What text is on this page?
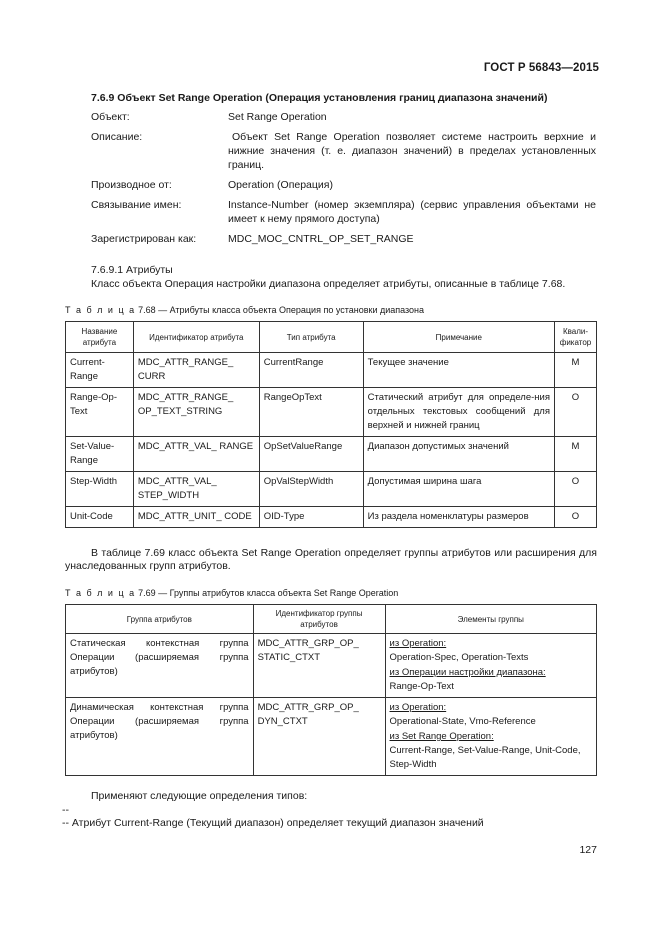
ГОСТ Р 56843—2015
7.6.9 Объект Set Range Operation (Операция установления границ диапазона значений)
Объект:	Set Range Operation
Описание:	Объект Set Range Operation позволяет системе настроить верхние и нижние значения (т. е. диапазон значений) в пределах установленных границ.
Производное от:	Operation (Операция)
Связывание имен:	Instance-Number (номер экземпляра) (сервис управления объектами не имеет к нему прямого доступа)
Зарегистрирован как:	MDC_MOC_CNTRL_OP_SET_RANGE
7.6.9.1 Атрибуты
Класс объекта Операция настройки диапазона определяет атрибуты, описанные в таблице 7.68.
Т а б л и ц а 7.68 — Атрибуты класса объекта Операция по установки диапазона
Название атрибута	Идентификатор атрибута	Тип атрибута	Примечание	Квали-фикатор
Current-Range	MDC_ATTR_RANGE_ CURR	CurrentRange	Текущее значение	M
Range-Op-Text	MDC_ATTR_RANGE_ OP_TEXT_STRING	RangeOpText	Статический атрибут для определе-ния отдельных текстовых сообщений для верхней и нижней границ	O
Set-Value-Range	MDC_ATTR_VAL_ RANGE	OpSetValueRange	Диапазон допустимых значений	M
Step-Width	MDC_ATTR_VAL_ STEP_WIDTH	OpValStepWidth	Допустимая ширина шага	O
Unit-Code	MDC_ATTR_UNIT_ CODE	OID-Type	Из раздела номенклатуры размеров	O
В таблице 7.69 класс объекта Set Range Operation определяет группы атрибутов или расширения для унаследованных групп атрибутов.
Т а б л и ц а 7.69 — Группы атрибутов класса объекта Set Range Operation
Группа атрибутов	Идентификатор группы атрибутов	Элементы группы
Статическая контекстная группа Операции (расширяемая группа атрибутов)	MDC_ATTR_GRP_OP_ STATIC_CTXT	из Operation:
Operation-Spec, Operation-Texts
из Операции настройки диапазона:
Range-Op-Text

Динамическая контекстная группа Операции (расширяемая группа атрибутов)	MDC_ATTR_GRP_OP_ DYN_CTXT	из Operation:
Operational-State, Vmo-Reference
из Set Range Operation:
Current-Range, Set-Value-Range, Unit-Code, Step-Width
Применяют следующие определения типов:
--
-- Атрибут Current-Range (Текущий диапазон) определяет текущий диапазон значений
127
